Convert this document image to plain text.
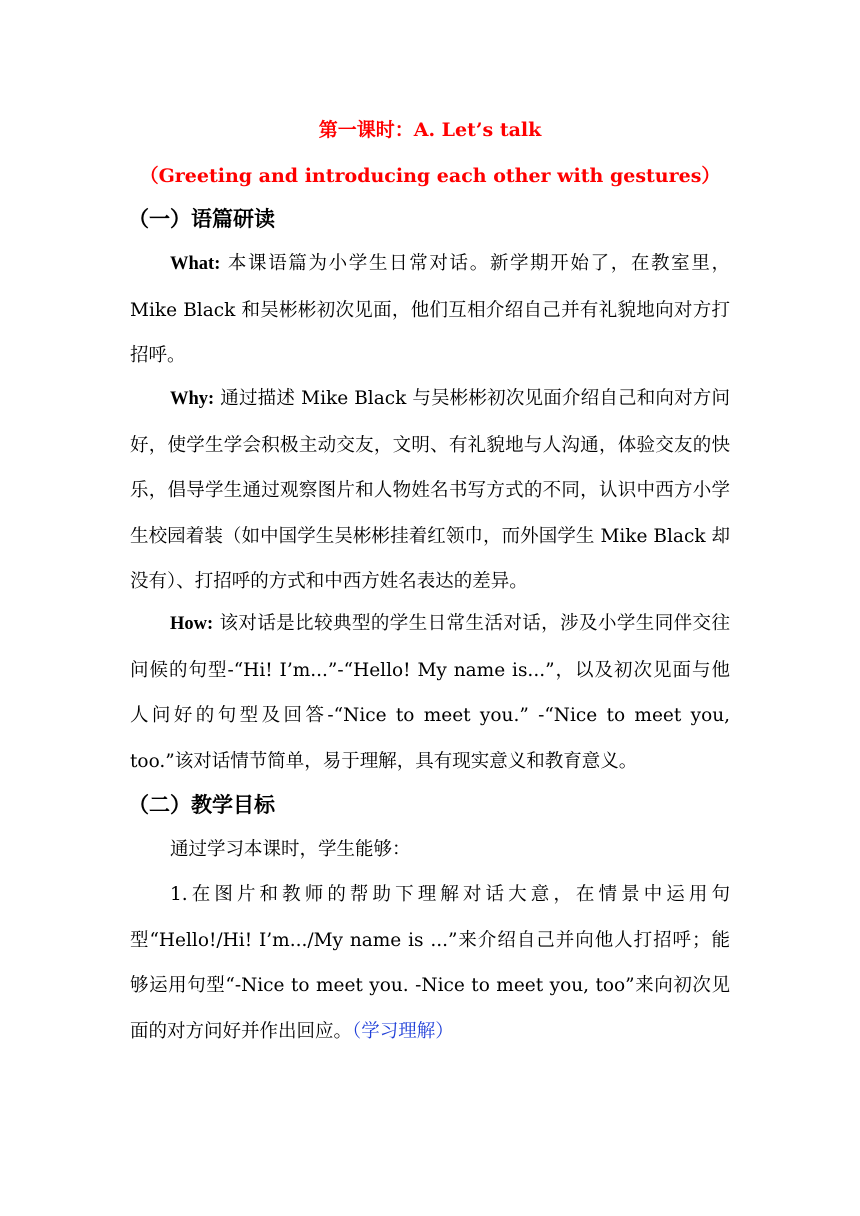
第一课时：A. Let’s talk
（Greeting and introducing each other with gestures）
（一）语篇研读

What: 本课语篇为小学生日常对话。新学期开始了，在教室里，Mike Black 和吴彬彬初次见面，他们互相介绍自己并有礼貌地向对方打招呼。

Why: 通过描述 Mike Black 与吴彬彬初次见面介绍自己和向对方问好，使学生学会积极主动交友，文明、有礼貌地与人沟通，体验交友的快乐，倡导学生通过观察图片和人物姓名书写方式的不同，认识中西方小学生校园着装（如中国学生吴彬彬挂着红领巾，而外国学生 Mike Black 却没有）、打招呼的方式和中西方姓名表达的差异。

How: 该对话是比较典型的学生日常生活对话，涉及小学生同伴交往问候的句型-“Hi! I’m...”-“Hello! My name is...”，以及初次见面与他人问好的句型及回答-“Nice to meet you.” -“Nice to meet you, too.”该对话情节简单，易于理解，具有现实意义和教育意义。

（二）教学目标

通过学习本课时，学生能够：

1.在图片和教师的帮助下理解对话大意，在情景中运用句型“Hello!/Hi! I’m.../My name is ...”来介绍自己并向他人打招呼；能够运用句型“-Nice to meet you. -Nice to meet you, too”来向初次见面的对方问好并作出回应。（学习理解）
